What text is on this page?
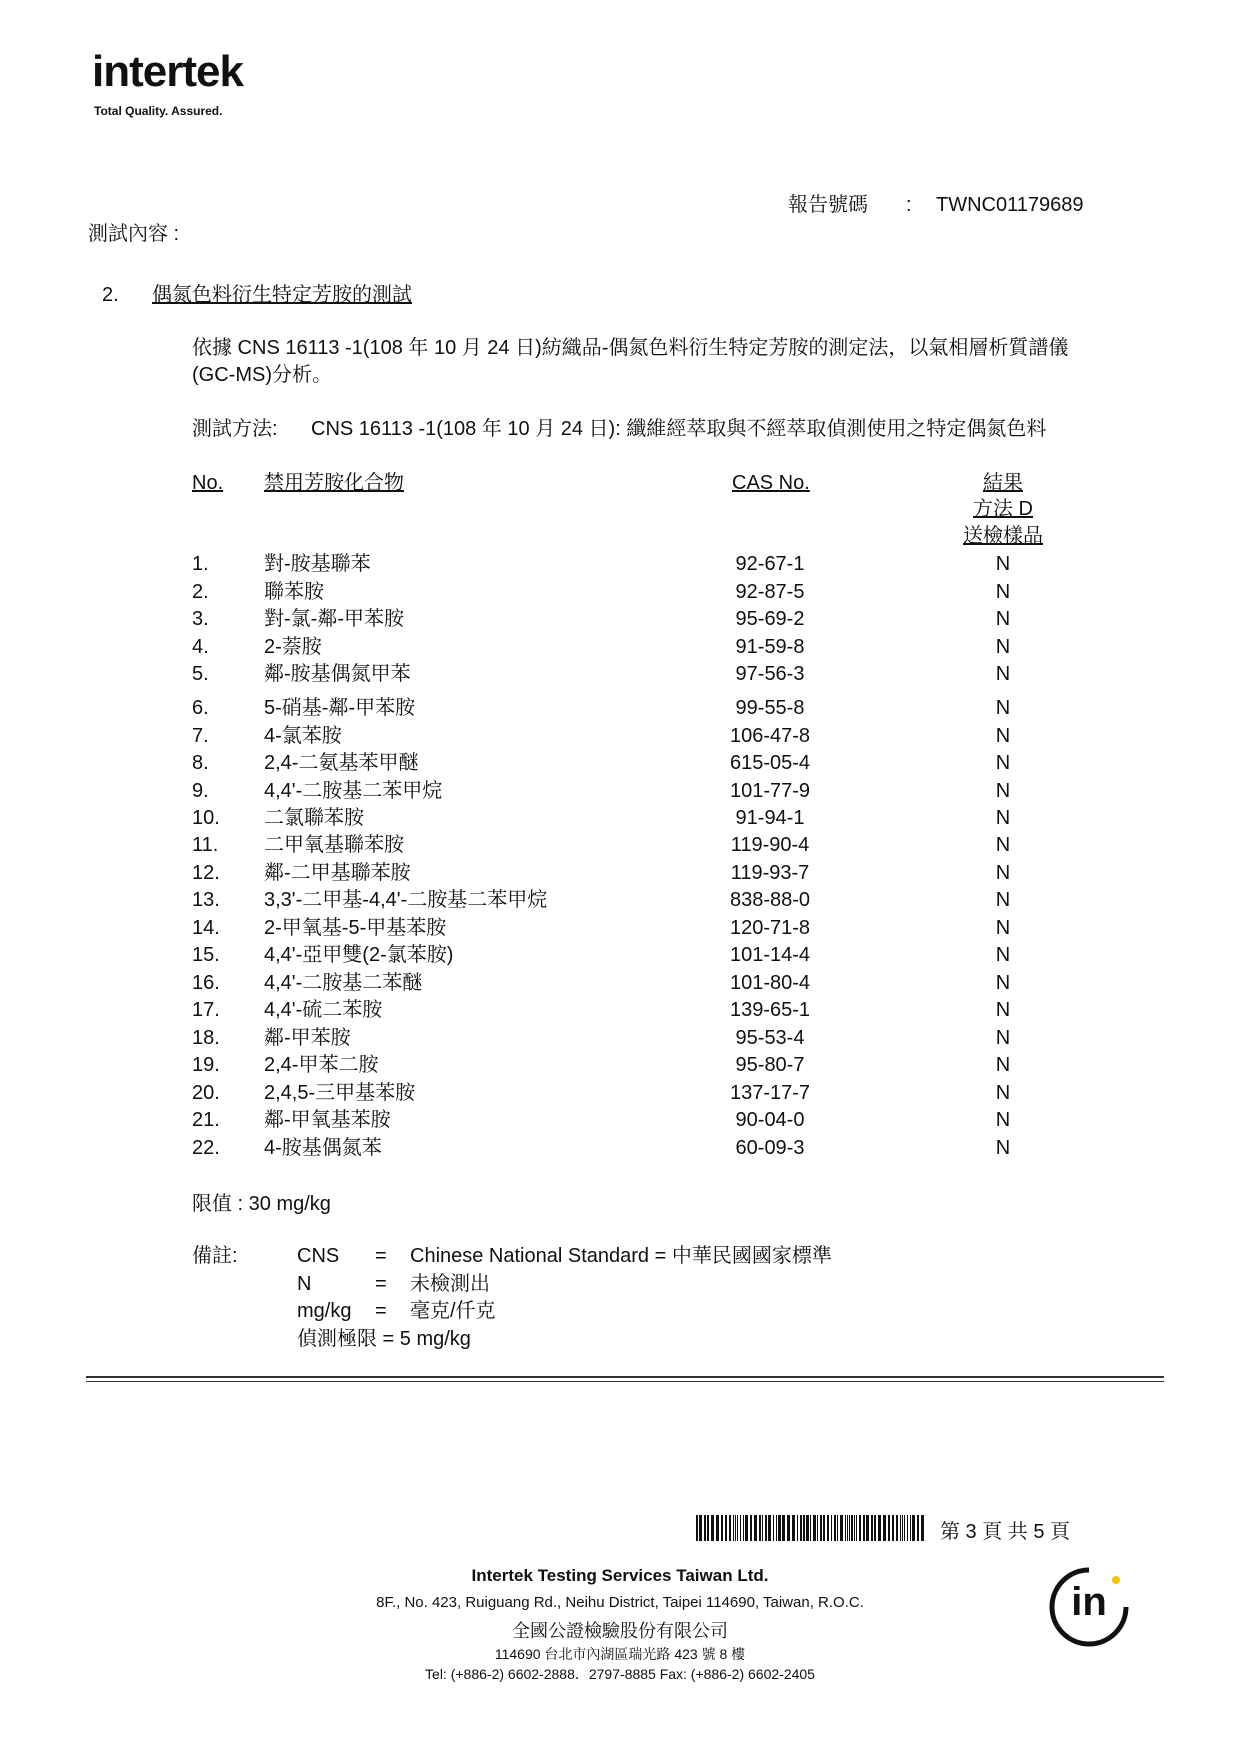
intertek
Total Quality. Assured.
報告號碼 : TWNC01179689
測試內容 :
2. 偶氮色料衍生特定芳胺的測試
依據 CNS 16113 -1(108 年 10 月 24 日)紡織品-偶氮色料衍生特定芳胺的測定法，以氣相層析質譜儀
(GC-MS)分析。
測試方法: CNS 16113 -1(108 年 10 月 24 日): 纖維經萃取與不經萃取偵測使用之特定偶氮色料
No. 禁用芳胺化合物	CAS No.	結果
方法 D
送檢樣品
1.	對-胺基聯苯	92-67-1	N
2.	聯苯胺	92-87-5	N
3.	對-氯-鄰-甲苯胺	95-69-2	N
4.	2-萘胺	91-59-8	N
5.	鄰-胺基偶氮甲苯	97-56-3	N
6.	5-硝基-鄰-甲苯胺	99-55-8	N
7.	4-氯苯胺	106-47-8	N
8.	2,4-二氨基苯甲醚	615-05-4	N
9.	4,4'-二胺基二苯甲烷	101-77-9	N
10. 二氯聯苯胺	91-94-1	N
11. 二甲氧基聯苯胺	119-90-4	N
12. 鄰-二甲基聯苯胺	119-93-7	N
13. 3,3'-二甲基-4,4'-二胺基二苯甲烷	838-88-0	N
14. 2-甲氧基-5-甲基苯胺	120-71-8	N
15. 4,4'-亞甲雙(2-氯苯胺)	101-14-4	N
16. 4,4'-二胺基二苯醚	101-80-4	N
17. 4,4'-硫二苯胺	139-65-1	N
18. 鄰-甲苯胺	95-53-4	N
19. 2,4-甲苯二胺	95-80-7	N
20. 2,4,5-三甲基苯胺	137-17-7	N
21. 鄰-甲氧基苯胺	90-04-0	N
22. 4-胺基偶氮苯	60-09-3	N
限值 : 30 mg/kg
備註:	CNS = Chinese National Standard = 中華民國國家標準
N	= 未檢測出
mg/kg = 毫克/仟克
偵測極限 = 5 mg/kg
第 3 頁 共 5 頁
Intertek Testing Services Taiwan Ltd.
8F., No. 423, Ruiguang Rd., Neihu District, Taipei 114690, Taiwan, R.O.C.
全國公證檢驗股份有限公司
114690 台北市內湖區瑞光路 423 號 8 樓
Tel: (+886-2) 6602-2888．2797-8885 Fax: (+886-2) 6602-2405
in
